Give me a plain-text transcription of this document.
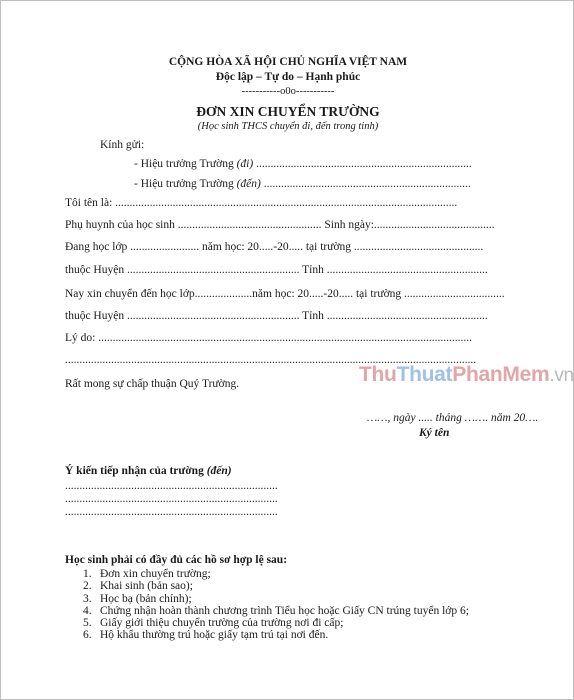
CỘNG HÒA XÃ HỘI CHỦ NGHĨA VIỆT NAM
Độc lập – Tự do – Hạnh phúc
-----------o0o-----------
ĐƠN XIN CHUYỂN TRƯỜNG
(Học sinh THCS chuyển đi, đến trong tỉnh)
Kính gửi:
- Hiệu trưởng Trường (đi) ...........................................................................
- Hiệu trưởng Trường (đến) ........................................................................
Tôi tên là: .......................................................................................................................
Phụ huynh của học sinh .................................................. Sinh ngày:..........................................
Đang học lớp ........................ năm học: 20.....-20..... tại trường .............................................
thuộc Huyện ............................................................ Tỉnh ........................................................
Nay xin chuyển đến học lớp....................năm học: 20.....-20..... tại trường ...................................
thuộc Huyện ............................................................ Tỉnh ........................................................
Lý do: ..................................................................................................................................
...............................................................................................................................................
Rất mong sự chấp thuận Quý Trường.	ThuThuatPhanMem.vn
……, ngày ..... tháng ……. năm 20….
Ký tên
Ý kiến tiếp nhận của trường (đến)
..........................................................................
..........................................................................
..........................................................................
Học sinh phải có đầy đủ các hồ sơ hợp lệ sau:
1. Đơn xin chuyển trường;
2. Khai sinh (bản sao);
3. Học bạ (bản chính);
4. Chứng nhận hoàn thành chương trình Tiểu học hoặc Giấy CN trúng tuyển lớp 6;
5. Giấy giới thiệu chuyển trường của trường nơi đi cấp;
6. Hộ khẩu thường trú hoặc giấy tạm trú tại nơi đến.
